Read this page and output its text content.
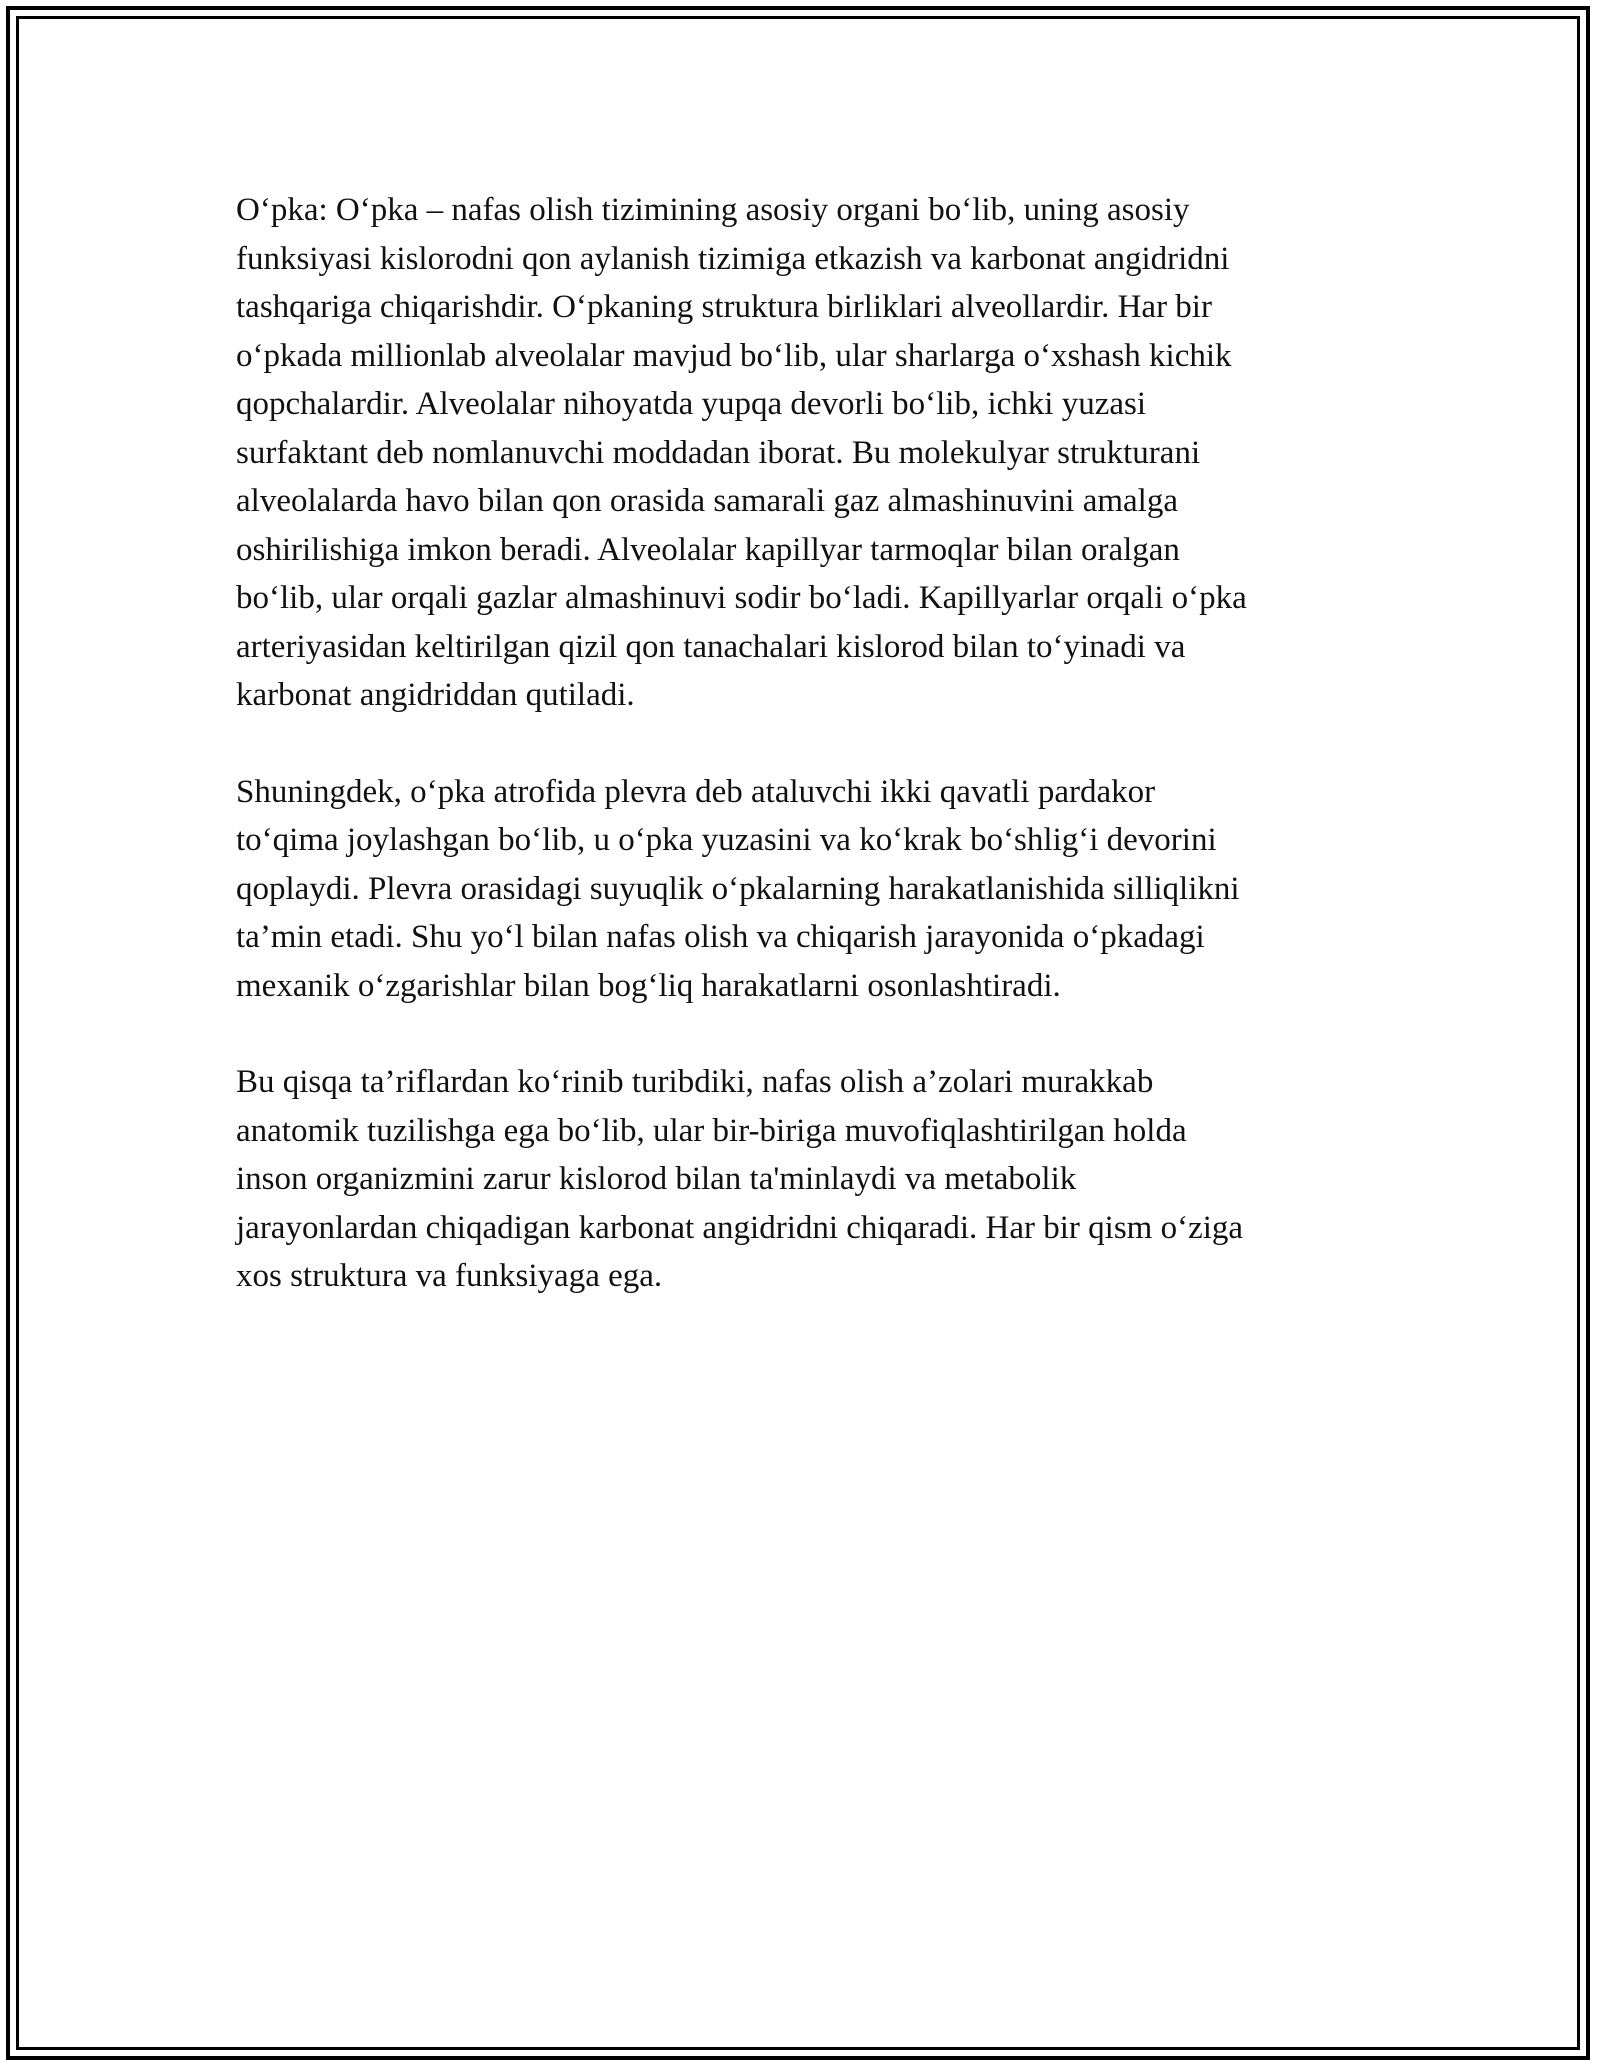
O‘pka: O‘pka – nafas olish tizimining asosiy organi bo‘lib, uning asosiy
funksiyasi kislorodni qon aylanish tizimiga etkazish va karbonat angidridni
tashqariga chiqarishdir. O‘pkaning struktura birliklari alveollardir. Har bir
o‘pkada millionlab alveolalar mavjud bo‘lib, ular sharlarga o‘xshash kichik
qopchalardir. Alveolalar nihoyatda yupqa devorli bo‘lib, ichki yuzasi
surfaktant deb nomlanuvchi moddadan iborat. Bu molekulyar strukturani
alveolalarda havo bilan qon orasida samarali gaz almashinuvini amalga
oshirilishiga imkon beradi. Alveolalar kapillyar tarmoqlar bilan oralgan
bo‘lib, ular orqali gazlar almashinuvi sodir bo‘ladi. Kapillyarlar orqali o‘pka
arteriyasidan keltirilgan qizil qon tanachalari kislorod bilan to‘yinadi va
karbonat angidriddan qutiladi.

Shuningdek, o‘pka atrofida plevra deb ataluvchi ikki qavatli pardakor
to‘qima joylashgan bo‘lib, u o‘pka yuzasini va ko‘krak bo‘shlig‘i devorini
qoplaydi. Plevra orasidagi suyuqlik o‘pkalarning harakatlanishida silliqlikni
ta’min etadi. Shu yo‘l bilan nafas olish va chiqarish jarayonida o‘pkadagi
mexanik o‘zgarishlar bilan bog‘liq harakatlarni osonlashtiradi.

Bu qisqa ta’riflardan ko‘rinib turibdiki, nafas olish a’zolari murakkab
anatomik tuzilishga ega bo‘lib, ular bir-biriga muvofiqlashtirilgan holda
inson organizmini zarur kislorod bilan ta'minlaydi va metabolik
jarayonlardan chiqadigan karbonat angidridni chiqaradi. Har bir qism o‘ziga
xos struktura va funksiyaga ega.
